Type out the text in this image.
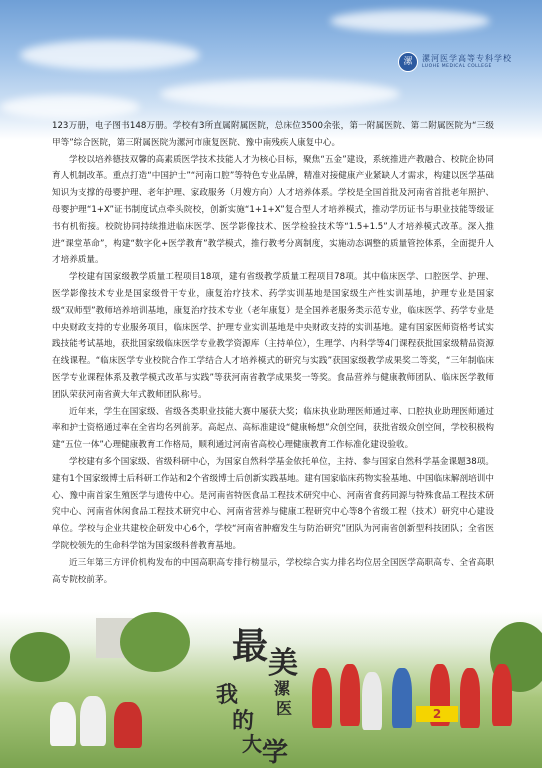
漯	漯河医学高等专科学校
LUOHE MEDICAL COLLEGE

123万册，电子图书148万册。学校有3所直属附属医院，总床位3500余张，第一附属医院、第二附属医院为“三级甲等”综合医院，第三附属医院为漯河市康复医院、豫中南残疾人康复中心。

学校以培养德技双馨的高素质医学技术技能人才为核心目标，聚焦“五金”建设，系统推进产教融合、校院企协同育人机制改革。重点打造“中国护士”“河南口腔”等特色专业品牌，精准对接健康产业紧缺人才需求，构建以医学基础知识为支撑的母婴护理、老年护理、家政服务（月嫂方向）人才培养体系。学校是全国首批及河南省首批老年照护、母婴护理“1+X”证书制度试点牵头院校，创新实施“1+1+X”复合型人才培养模式，推动学历证书与职业技能等级证书有机衔接。校院协同持续推进临床医学、医学影像技术、医学检验技术等“1.5+1.5”人才培养模式改革。深入推进“课堂革命”，构建“数字化+医学教育”教学模式，推行教考分离制度，实施动态调整的质量管控体系，全面提升人才培养质量。

学校建有国家级教学质量工程项目18项，建有省级教学质量工程项目78项。其中临床医学、口腔医学、护理、医学影像技术专业是国家级骨干专业，康复治疗技术、药学实训基地是国家级生产性实训基地，护理专业是国家级“双师型”教师培养培训基地，康复治疗技术专业（老年康复）是全国养老服务类示范专业，临床医学、药学专业是中央财政支持的专业服务项目，临床医学、护理专业实训基地是中央财政支持的实训基地。建有国家医师资格考试实践技能考试基地，获批国家级临床医学专业教学资源库（主持单位），生理学、内科学等4门课程获批国家级精品资源在线课程。“临床医学专业校院合作工学结合人才培养模式的研究与实践”获国家级教学成果奖二等奖，“三年制临床医学专业课程体系及教学模式改革与实践”等获河南省教学成果奖一等奖。食品营养与健康教师团队、临床医学教师团队荣获河南省黄大年式教师团队称号。

近年来，学生在国家级、省级各类职业技能大赛中屡获大奖；临床执业助理医师通过率、口腔执业助理医师通过率和护士资格通过率在全省均名列前茅。高起点、高标准建设“健康畅想”众创空间，获批省级众创空间，学校积极构建“五位一体”心理健康教育工作格局，顺利通过河南省高校心理健康教育工作标准化建设验收。

学校建有多个国家级、省级科研中心，为国家自然科学基金依托单位，主持、参与国家自然科学基金课题38项。建有1个国家级博士后科研工作站和2个省级博士后创新实践基地。建有国家临床药物实验基地、中国临床解剖培训中心、豫中南首家生殖医学与遗传中心。是河南省特医食品工程技术研究中心、河南省食药同源与特殊食品工程技术研究中心、河南省休闲食品工程技术研究中心、河南省营养与健康工程研究中心等8个省级工程（技术）研究中心建设单位。学校与企业共建校企研发中心6个，学校“河南省肿瘤发生与防治研究”团队为河南省创新型科技团队；全省医学院校领先的生命科学馆为国家级科普教育基地。

近三年第三方评价机构发布的中国高职高专排行榜显示，学校综合实力排名均位居全国医学高职高专、全省高职高专院校前茅。

最 美
漯
医
我
的
大 学
2
